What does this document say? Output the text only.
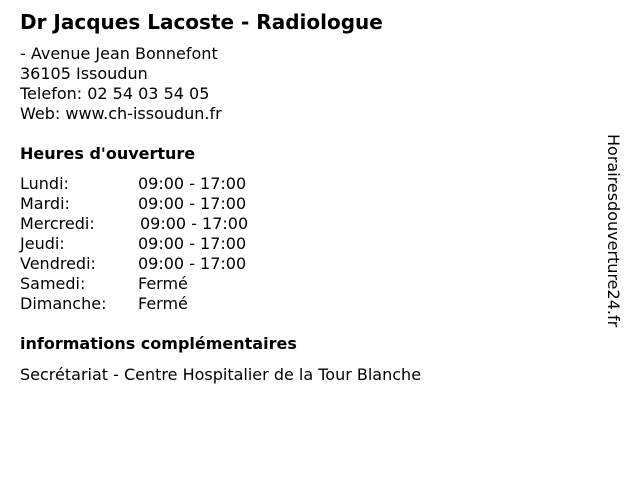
Dr Jacques Lacoste - Radiologue
- Avenue Jean Bonnefont
36105 Issoudun
Telefon: 02 54 03 54 05
Web: www.ch-issoudun.fr
Heures d'ouverture
Lundi:	09:00 - 17:00
Mardi:	09:00 - 17:00
Mercredi:	09:00 - 17:00
Jeudi:	09:00 - 17:00
Vendredi:	09:00 - 17:00
Samedi:	Fermé
Dimanche: Fermé
informations complémentaires
Secrétariat - Centre Hospitalier de la Tour Blanche
Horairesdouverture24.fr
